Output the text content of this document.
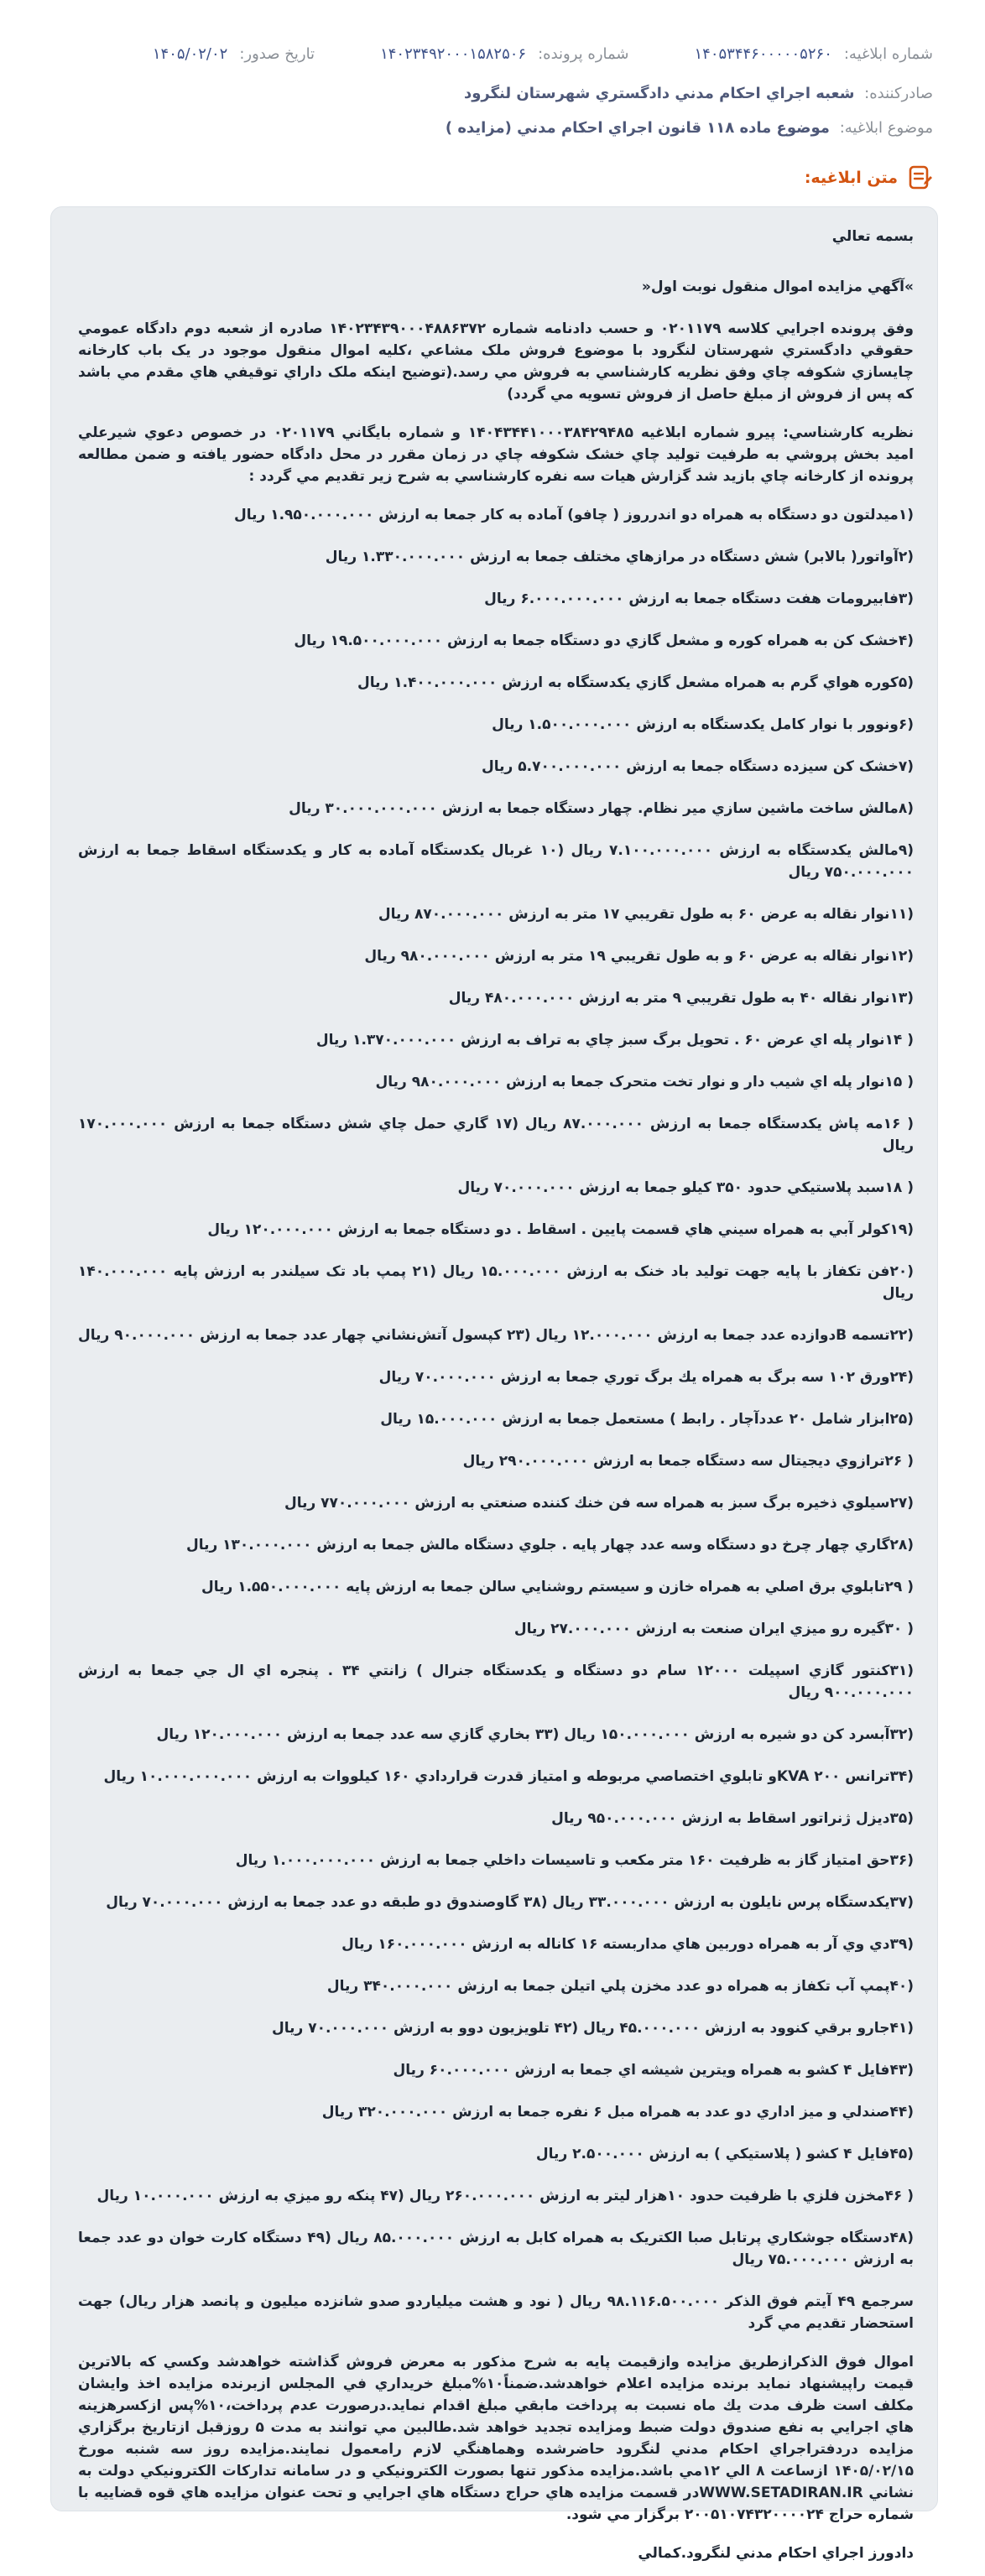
شماره ابلاغيه:
۱۴۰۵۳۴۴۶۰۰۰۰۰۵۲۶۰
شماره پرونده:
۱۴۰۲۳۴۹۲۰۰۰۱۵۸۲۵۰۶
تاريخ صدور:
۱۴۰۵/۰۲/۰۲
صادرکننده: شعبه اجراي احکام مدني دادگستري شهرستان لنگرود
موضوع ابلاغيه: موضوع ماده ۱۱۸ قانون اجراي احکام مدني (مزايده )
متن ابلاغيه:

بسمه تعالي

»آگهي مزايده اموال منقول نوبت اول«

وفق پرونده اجرايي کلاسه ۰۲۰۱۱۷۹ و حسب دادنامه شماره ۱۴۰۲۳۴۳۹۰۰۰۴۸۸۶۳۷۲ صادره از شعبه دوم دادگاه عمومي حقوقي دادگستري شهرستان لنگرود با موضوع فروش ملک مشاعي ،کليه اموال منقول موجود در يک باب کارخانه چايسازي شکوفه چاي وفق نظريه کارشناسي به فروش مي رسد.(توضيح اينکه ملک داراي توقيفي هاي مقدم مي باشد که پس از فروش از مبلغ حاصل از فروش تسويه مي گردد)

نظريه کارشناسي: پيرو شماره ابلاغيه ۱۴۰۴۳۴۴۱۰۰۰۳۸۴۲۹۴۸۵ و شماره بايگاني ۰۲۰۱۱۷۹ در خصوص دعوي شيرعلي اميد بخش پروشي به طرفيت توليد چاي خشک شکوفه چاي در زمان مقرر در محل دادگاه حضور يافته و ضمن مطالعه پرونده از کارخانه چاي بازيد شد گزارش هيات سه نفره کارشناسي به شرح زير تقديم مي گردد :

(۱ميدلتون دو دستگاه به همراه دو اندرروز ( چافو) آماده به کار جمعا به ارزش ۱.۹۵۰.۰۰۰.۰۰۰ ريال

(۲آواتور( بالابر) شش دستگاه در مرازهاي مختلف جمعا به ارزش ۱.۳۳۰.۰۰۰.۰۰۰ ريال

(۳فابيرومات هفت دستگاه جمعا به ارزش ۶.۰۰۰.۰۰۰.۰۰۰ ريال

(۴خشک کن به همراه کوره و مشعل گازي دو دستگاه جمعا به ارزش ۱۹.۵۰۰.۰۰۰.۰۰۰ ريال

(۵کوره هواي گرم به همراه مشعل گازي يکدستگاه به ارزش ۱.۴۰۰.۰۰۰.۰۰۰ ريال

(۶ونوور با نوار کامل يکدستگاه به ارزش ۱.۵۰۰.۰۰۰.۰۰۰ ريال

(۷خشک کن سيزده دستگاه جمعا به ارزش ۵.۷۰۰.۰۰۰.۰۰۰ ريال

(۸مالش ساخت ماشين سازي مير نظام. چهار دستگاه جمعا به ارزش ۳۰.۰۰۰.۰۰۰.۰۰۰ ريال

(۹مالش يکدستگاه به ارزش ۷.۱۰۰.۰۰۰.۰۰۰ ريال (۱۰ غربال يکدستگاه آماده به کار و يکدستگاه اسقاط جمعا به ارزش ۷۵۰.۰۰۰.۰۰۰ ريال

(۱۱نوار نقاله به عرض ۶۰ به طول تقريبي ۱۷ متر به ارزش ۸۷۰.۰۰۰.۰۰۰ ريال

(۱۲نوار نقاله به عرض ۶۰ و به طول تقريبي ۱۹ متر به ارزش ۹۸۰.۰۰۰.۰۰۰ ريال

(۱۳نوار نقاله ۴۰ به طول تقريبي ۹ متر به ارزش ۴۸۰.۰۰۰.۰۰۰ ريال

( ۱۴نوار پله اي عرض ۶۰ . تحويل برگ سبز چاي به تراف به ارزش ۱.۳۷۰.۰۰۰.۰۰۰ ريال

( ۱۵نوار پله اي شيب دار و نوار تخت متحرک جمعا به ارزش ۹۸۰.۰۰۰.۰۰۰ ريال

( ۱۶مه پاش يکدستگاه جمعا به ارزش ۸۷.۰۰۰.۰۰۰ ريال (۱۷ گاري حمل چاي شش دستگاه جمعا به ارزش ۱۷۰.۰۰۰.۰۰۰ ريال

( ۱۸سبد پلاستيکي حدود ۳۵۰ کيلو جمعا به ارزش ۷۰.۰۰۰.۰۰۰ ريال

(۱۹کولر آبي به همراه سيني هاي قسمت پايين . اسقاط . دو دستگاه جمعا به ارزش ۱۲۰.۰۰۰.۰۰۰ ريال

(۲۰فن تکفاز با پايه جهت توليد باد خنک به ارزش ۱۵.۰۰۰.۰۰۰ ريال (۲۱ پمپ باد تک سيلندر به ارزش پايه ۱۴۰.۰۰۰.۰۰۰ ريال

(۲۲تسمه Bدوازده عدد جمعا به ارزش ۱۲.۰۰۰.۰۰۰ ريال (۲۳ کپسول آتش‌نشاني چهار عدد جمعا به ارزش ۹۰.۰۰۰.۰۰۰ ريال

(۲۴ورق ۱۰۲ سه برگ به همراه يك برگ توري جمعا به ارزش ۷۰.۰۰۰.۰۰۰ ريال

(۲۵ابزار شامل ۲۰ عددآچار . رابط ) مستعمل جمعا به ارزش ۱۵.۰۰۰.۰۰۰ ريال

( ۲۶ترازوي ديجيتال سه دستگاه جمعا به ارزش ۲۹۰.۰۰۰.۰۰۰ ريال

(۲۷سيلوي ذخيره برگ سبز به همراه سه فن خنك كننده صنعتي به ارزش ۷۷۰.۰۰۰.۰۰۰ ريال

(۲۸گاري چهار چرخ دو دستگاه وسه عدد چهار پايه . جلوي دستگاه مالش جمعا به ارزش ۱۳۰.۰۰۰.۰۰۰ ريال

( ۲۹تابلوي برق اصلي به همراه خازن و سيستم روشنايي سالن جمعا به ارزش پايه ۱.۵۵۰.۰۰۰.۰۰۰ ريال

( ۳۰گيره رو ميزي ايران صنعت به ارزش ۲۷.۰۰۰.۰۰۰ ريال

(۳۱کنتور گازي اسپيلت ۱۲۰۰۰ سام دو دستگاه و يکدستگاه جنرال ) زانتي ۳۴ . پنجره اي ال جي جمعا به ارزش ۹۰۰.۰۰۰.۰۰۰ ريال

(۳۲آبسرد کن دو شيره به ارزش ۱۵۰.۰۰۰.۰۰۰ ريال (۳۳ بخاري گازي سه عدد جمعا به ارزش ۱۲۰.۰۰۰.۰۰۰ ريال

(۳۴ترانس ۲۰۰ KVAو تابلوي اختصاصي مربوطه و امتياز قدرت قراردادي ۱۶۰ کيلووات به ارزش ۱۰.۰۰۰.۰۰۰.۰۰۰ ريال

(۳۵ديزل ژنراتور اسقاط به ارزش ۹۵۰.۰۰۰.۰۰۰ ريال

(۳۶حق امتياز گاز به ظرفيت ۱۶۰ متر مکعب و تاسيسات داخلي جمعا به ارزش ۱.۰۰۰.۰۰۰.۰۰۰ ريال

(۳۷يکدستگاه پرس نايلون به ارزش ۳۳.۰۰۰.۰۰۰ ريال (۳۸ گاوصندوق دو طبقه دو عدد جمعا به ارزش ۷۰.۰۰۰.۰۰۰ ريال

(۳۹دي وي آر به همراه دوربين هاي مداربسته ۱۶ كاناله به ارزش ۱۶۰.۰۰۰.۰۰۰ ريال

(۴۰پمپ آب تکفاز به همراه دو عدد مخزن پلي اتيلن جمعا به ارزش ۳۴۰.۰۰۰.۰۰۰ ريال

(۴۱جارو برقي کنوود به ارزش ۴۵.۰۰۰.۰۰۰ ريال (۴۲ تلويزيون دوو به ارزش ۷۰.۰۰۰.۰۰۰ ريال

(۴۳فايل ۴ کشو به همراه ويترين شيشه اي جمعا به ارزش ۶۰.۰۰۰.۰۰۰ ريال

(۴۴صندلي و ميز اداري دو عدد به همراه مبل ۶ نفره جمعا به ارزش ۳۲۰.۰۰۰.۰۰۰ ريال

(۴۵فايل ۴ کشو ( پلاستيکي ) به ارزش ۲.۵۰۰.۰۰۰ ريال

( ۴۶مخزن فلزي با ظرفيت حدود ۱۰هزار ليتر به ارزش ۲۶۰.۰۰۰.۰۰۰ ريال (۴۷ پنکه رو ميزي به ارزش ۱۰.۰۰۰.۰۰۰ ريال

(۴۸دستگاه جوشکاري پرتابل صبا الکتريک به همراه کابل به ارزش ۸۵.۰۰۰.۰۰۰ ريال (۴۹ دستگاه کارت خوان دو عدد جمعا به ارزش ۷۵.۰۰۰.۰۰۰ ريال

سرجمع ۴۹ آيتم فوق الذکر ۹۸.۱۱۶.۵۰۰.۰۰۰ ريال ( نود و هشت ميلياردو صدو شانزده ميليون و پانصد هزار ريال) جهت استحضار تقديم مي گرد

اموال فوق الذکرازطريق مزايده وازقيمت پايه به شرح مذکور به معرض فروش گذاشته خواهدشد وکسي كه بالاترين قيمت راپيشنهاد نمايد برنده مزايده اعلام خواهدشد.ضمناً۱۰%مبلغ خريداري في المجلس ازبرنده مزايده اخذ وايشان مكلف است ظرف مدت يك ماه نسبت به پرداخت مابقي مبلغ اقدام نمايد.درصورت عدم پرداخت،۱۰%پس ازكسرهزينه هاي اجرايي به نفع صندوق دولت ضبط ومزايده تجديد خواهد شد.طالبين مي توانند به مدت ۵ روزقبل ازتاريخ برگزاري مزايده دردفتراجراي احکام مدني لنگرود حاضرشده وهماهنگي لازم رامعمول نمايند.مزايده روز سه شنبه مورخ ۱۴۰۵/۰۲/۱۵ ازساعت ۸ الي ۱۲مي باشد.مزايده مذکور تنها بصورت الکترونيکي و در سامانه تدارکات الکترونيکي دولت به نشاني WWW.SETADIRAN.IRدر قسمت مزايده هاي حراج دستگاه هاي اجرايي و تحت عنوان مزايده هاي قوه قضاييه با شماره حراج ۲۰۰۵۱۰۷۴۳۲۰۰۰۰۲۴ برگزار مي شود.

دادورز اجراي احکام مدني لنگرود.کمالي
